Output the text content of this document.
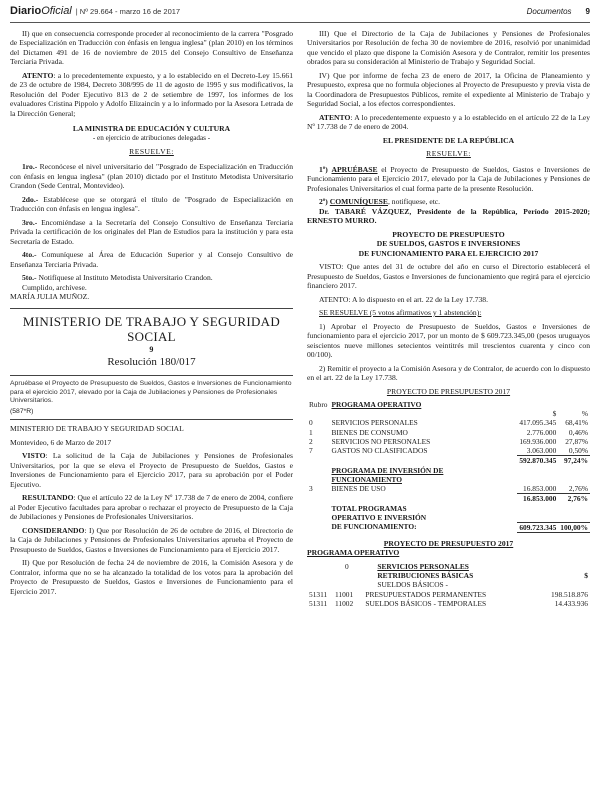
Diario Oficial | Nº 29.664 - marzo 16 de 2017	Documentos 9

II) que en consecuencia corresponde proceder al reconocimiento de la carrera "Posgrado de Especialización en Traducción con énfasis en lengua inglesa" (plan 2010) en los términos del Dictamen 491 de 16 de noviembre de 2015 del Consejo Consultivo de Enseñanza Terciaria Privada.

ATENTO: a lo precedentemente expuesto, y a lo establecido en el Decreto-Ley 15.661 de 23 de octubre de 1984, Decreto 308/995 de 11 de agosto de 1995 y sus modificativos, la Resolución del Poder Ejecutivo 813 de 2 de setiembre de 1997, los informes de los evaluadores Cristina Pippolo y Adolfo Elizaincín y a lo informado por la Asesora Letrada de la Dirección General;

LA MINISTRA DE EDUCACIÓN Y CULTURA
- en ejercicio de atribuciones delegadas -
RESUELVE:

1ro.- Reconócese el nivel universitario del "Posgrado de Especialización en Traducción con énfasis en lengua inglesa" (plan 2010) dictado por el Instituto Metodista Universitario Crandon (Sede Central, Montevideo).

2do.- Establécese que se otorgará el título de "Posgrado de Especialización en Traducción con énfasis en lengua inglesa".

3ro.- Encomiéndase a la Secretaría del Consejo Consultivo de Enseñanza Terciaria Privada la certificación de los originales del Plan de Estudios para la institución y para esta Secretaría de Estado.

4to.- Comuníquese al Área de Educación Superior y al Consejo Consultivo de Enseñanza Terciaria Privada.

5to.- Notifíquese al Instituto Metodista Universitario Crandon.

Cumplido, archívese.

MARÍA JULIA MUÑOZ.

MINISTERIO DE TRABAJO Y SEGURIDAD SOCIAL
9
Resolución 180/017
Apruébase el Proyecto de Presupuesto de Sueldos, Gastos e Inversiones de Funcionamiento para el ejercicio 2017, elevado por la Caja de Jubilaciones y Pensiones de Profesionales Universitarios.
(587*R)

MINISTERIO DE TRABAJO Y SEGURIDAD SOCIAL

Montevideo, 6 de Marzo de 2017

VISTO: La solicitud de la Caja de Jubilaciones y Pensiones de Profesionales Universitarios, por la que se eleva el Proyecto de Presupuesto de Sueldos, Gastos e Inversiones de Funcionamiento para el Ejercicio 2017, para su aprobación por el Poder Ejecutivo.

RESULTANDO: Que el artículo 22 de la Ley Nº 17.738 de 7 de enero de 2004, confiere al Poder Ejecutivo facultades para aprobar o rechazar el proyecto de Presupuesto de la Caja de Jubilaciones y Pensiones de Profesionales Universitarios.

CONSIDERANDO: I) Que por Resolución de 26 de octubre de 2016, el Directorio de la Caja de Jubilaciones y Pensiones de Profesionales Universitarios aprueba el Proyecto de Presupuesto de Sueldos, Gastos e Inversiones de Funcionamiento para el Ejercicio 2017.

II) Que por Resolución de fecha 24 de noviembre de 2016, la Comisión Asesora y de Contralor, informa que no se ha alcanzado la totalidad de los votos para la aprobación del Proyecto de Presupuesto de Sueldos, Gastos e Inversiones de Funcionamiento para el Ejercicio 2017.

III) Que el Directorio de la Caja de Jubilaciones y Pensiones de Profesionales Universitarios por Resolución de fecha 30 de noviembre de 2016, resolvió por unanimidad que vencido el plazo que dispone la Comisión Asesora y de Contralor, remitir los presentes obrados para su consideración al Ministerio de Trabajo y Seguridad Social.

IV) Que por informe de fecha 23 de enero de 2017, la Oficina de Planeamiento y Presupuesto, expresa que no formula objeciones al Proyecto de Presupuesto y previa vista de la Coordinadora de Presupuestos Públicos, remite el expediente al Ministerio de Trabajo y Seguridad Social, a los efectos correspondientes.

ATENTO: A lo precedentemente expuesto y a lo establecido en el artículo 22 de la Ley Nº 17.738 de 7 de enero de 2004.

EL PRESIDENTE DE LA REPÚBLICA
RESUELVE:

1º) APRUÉBASE el Proyecto de Presupuesto de Sueldos, Gastos e Inversiones de Funcionamiento para el Ejercicio 2017, elevado por la Caja de Jubilaciones y Pensiones de Profesionales Universitarios el cual forma parte de la presente Resolución.

2º) COMUNÍQUESE, notifíquese, etc.

Dr. TABARÉ VÁZQUEZ, Presidente de la República, Período 2015-2020; ERNESTO MURRO.

PROYECTO DE PRESUPUESTO
DE SUELDOS, GASTOS E INVERSIONES
DE FUNCIONAMIENTO PARA EL EJERCICIO 2017

VISTO: Que antes del 31 de octubre del año en curso el Directorio establecerá el Presupuesto de Sueldos, Gastos e Inversiones de funcionamiento que regirá para el ejercicio financiero 2017.

ATENTO: A lo dispuesto en el art. 22 de la Ley 17.738.

SE RESUELVE (5 votos afirmativos y 1 abstención):

1) Aprobar el Proyecto de Presupuesto de Sueldos, Gastos e Inversiones de funcionamiento para el ejercicio 2017, por un monto de $ 609.723.345,00 (pesos uruguayos seiscientos nueve millones setecientos veintitrés mil trescientos cuarenta y cinco con 00/100).

2) Remitir el proyecto a la Comisión Asesora y de Contralor, de acuerdo con lo dispuesto en el art. 22 de la Ley 17.738.

PROYECTO DE PRESUPUESTO 2017
Rubro	PROGRAMA OPERATIVO		
		$	%
0	SERVICIOS PERSONALES	417.095.345	68,41%
1	BIENES DE CONSUMO	2.776.000	0,46%
2	SERVICIOS NO PERSONALES	169.936.000	27,87%
7	GASTOS NO CLASIFICADOS	3.063.000	0,50%
		592.870.345	97,24%
	PROGRAMA DE INVERSIÓN DE FUNCIONAMIENTO		
3	BIENES DE USO	16.853.000	2,76%
		16.853.000	2,76%
	TOTAL PROGRAMAS		
	OPERATIVO E INVERSIÓN		
	DE FUNCIONAMIENTO:	609.723.345	100,00%
PROYECTO DE PRESUPUESTO 2017
PROGRAMA OPERATIVO
	0	SERVICIOS PERSONALES	
		RETRIBUCIONES BÁSICAS	$
		SUELDOS BÁSICOS -	
51311	11001	PRESUPUESTADOS PERMANENTES	198.518.876
51311	11002	SUELDOS BÁSICOS - TEMPORALES	14.433.936
